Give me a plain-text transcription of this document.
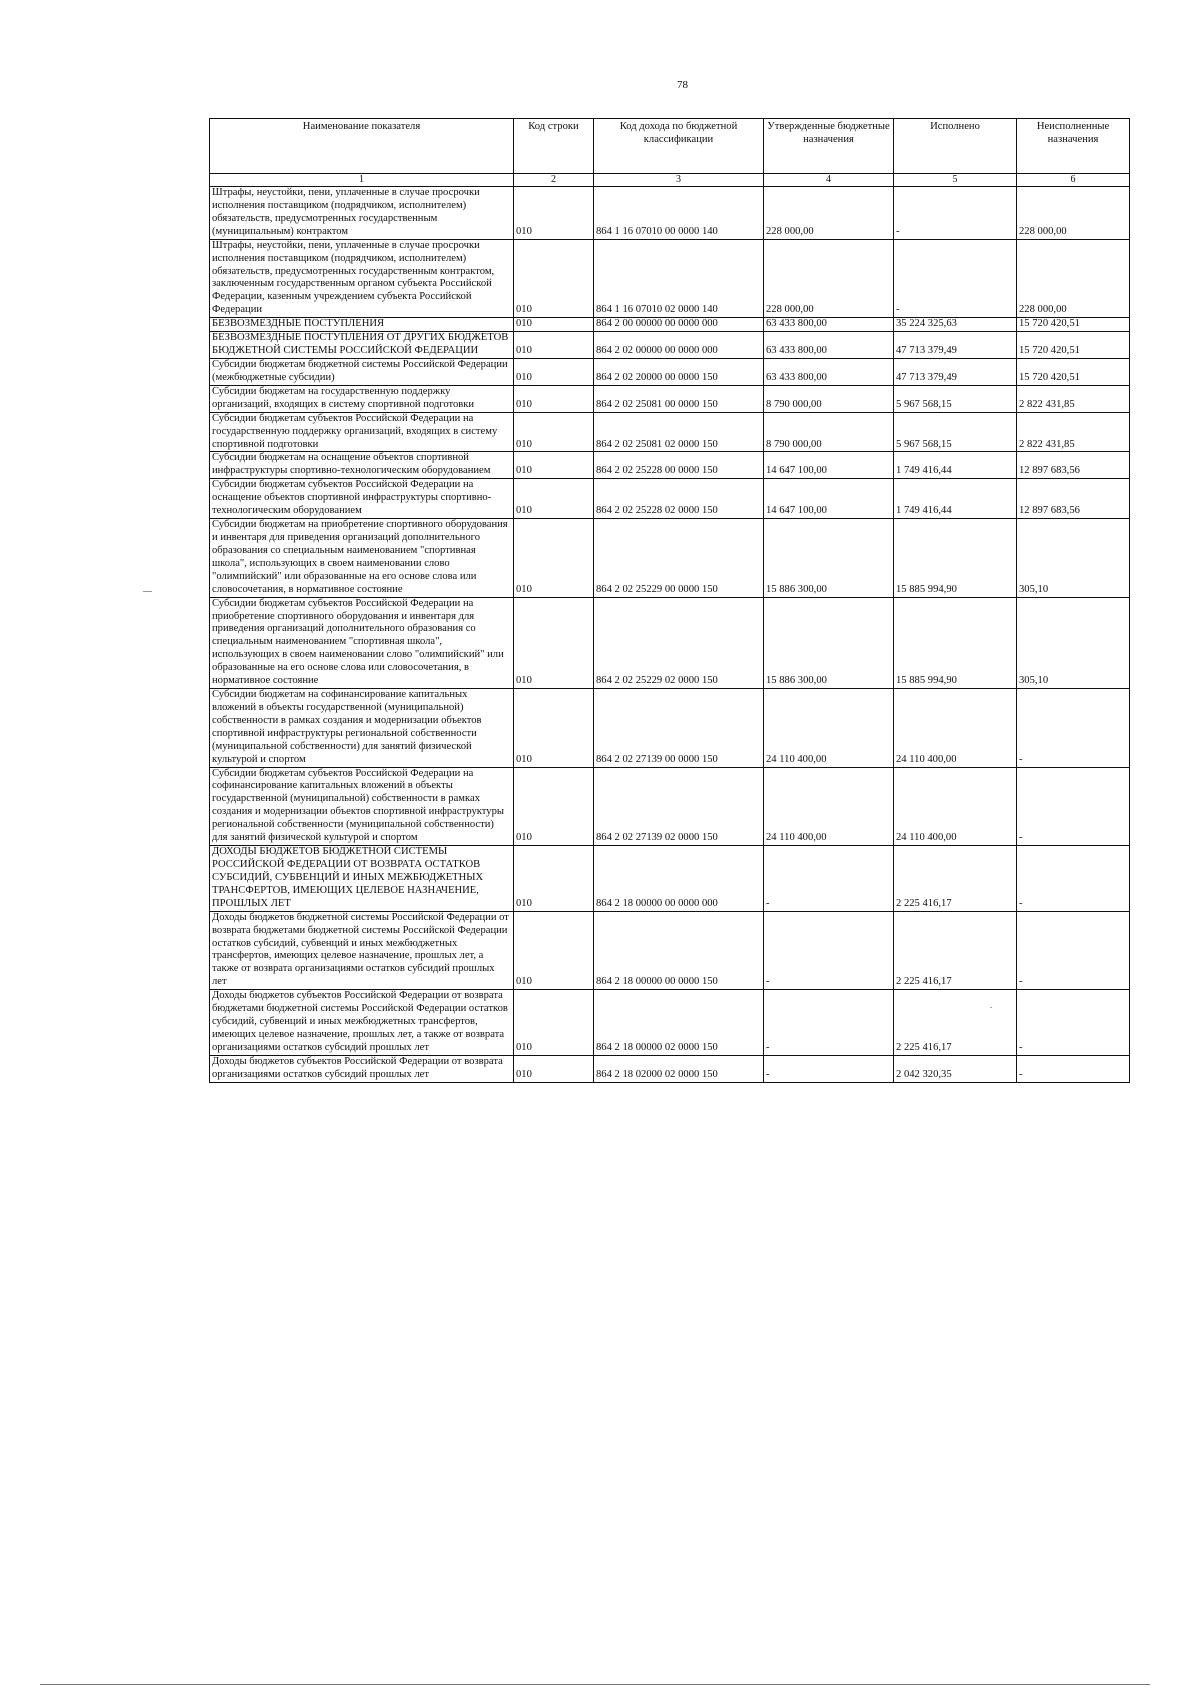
78
Наименование показателя	Код строки	Код дохода по бюджетной классификации	Утвержденные бюджетные назначения	Исполнено	Неисполненные назначения
1	2	3	4	5	6
Штрафы, неустойки, пени, уплаченные в случае просрочки исполнения поставщиком (подрядчиком, исполнителем) обязательств, предусмотренных государственным (муниципальным) контрактом	010	864 1 16 07010 00 0000 140	228 000,00	-	228 000,00
Штрафы, неустойки, пени, уплаченные в случае просрочки исполнения поставщиком (подрядчиком, исполнителем) обязательств, предусмотренных государственным контрактом, заключенным государственным органом субъекта Российской Федерации, казенным учреждением субъекта Российской Федерации	010	864 1 16 07010 02 0000 140	228 000,00	-	228 000,00
БЕЗВОЗМЕЗДНЫЕ ПОСТУПЛЕНИЯ	010	864 2 00 00000 00 0000 000	63 433 800,00	35 224 325,63	15 720 420,51
БЕЗВОЗМЕЗДНЫЕ ПОСТУПЛЕНИЯ ОТ ДРУГИХ БЮДЖЕТОВ БЮДЖЕТНОЙ СИСТЕМЫ РОССИЙСКОЙ ФЕДЕРАЦИИ	010	864 2 02 00000 00 0000 000	63 433 800,00	47 713 379,49	15 720 420,51
Субсидии бюджетам бюджетной системы Российской Федерации (межбюджетные субсидии)	010	864 2 02 20000 00 0000 150	63 433 800,00	47 713 379,49	15 720 420,51
Субсидии бюджетам на государственную поддержку организаций, входящих в систему спортивной подготовки	010	864 2 02 25081 00 0000 150	8 790 000,00	5 967 568,15	2 822 431,85
Субсидии бюджетам субъектов Российской Федерации на государственную поддержку организаций, входящих в систему спортивной подготовки	010	864 2 02 25081 02 0000 150	8 790 000,00	5 967 568,15	2 822 431,85
Субсидии бюджетам на оснащение объектов спортивной инфраструктуры спортивно-технологическим оборудованием	010	864 2 02 25228 00 0000 150	14 647 100,00	1 749 416,44	12 897 683,56
Субсидии бюджетам субъектов Российской Федерации на оснащение объектов спортивной инфраструктуры спортивно-технологическим оборудованием	010	864 2 02 25228 02 0000 150	14 647 100,00	1 749 416,44	12 897 683,56
Субсидии бюджетам на приобретение спортивного оборудования и инвентаря для приведения организаций дополнительного образования со специальным наименованием "спортивная школа", использующих в своем наименовании слово "олимпийский" или образованные на его основе слова или словосочетания, в нормативное состояние	010	864 2 02 25229 00 0000 150	15 886 300,00	15 885 994,90	305,10
Субсидии бюджетам субъектов Российской Федерации на приобретение спортивного оборудования и инвентаря для приведения организаций дополнительного образования со специальным наименованием "спортивная школа", использующих в своем наименовании слово "олимпийский" или образованные на его основе слова или словосочетания, в нормативное состояние	010	864 2 02 25229 02 0000 150	15 886 300,00	15 885 994,90	305,10
Субсидии бюджетам на софинансирование капитальных вложений в объекты государственной (муниципальной) собственности в рамках создания и модернизации объектов спортивной инфраструктуры региональной собственности (муниципальной собственности) для занятий физической культурой и спортом	010	864 2 02 27139 00 0000 150	24 110 400,00	24 110 400,00	-
Субсидии бюджетам субъектов Российской Федерации на софинансирование капитальных вложений в объекты государственной (муниципальной) собственности в рамках создания и модернизации объектов спортивной инфраструктуры региональной собственности (муниципальной собственности) для занятий физической культурой и спортом	010	864 2 02 27139 02 0000 150	24 110 400,00	24 110 400,00	-
ДОХОДЫ БЮДЖЕТОВ БЮДЖЕТНОЙ СИСТЕМЫ РОССИЙСКОЙ ФЕДЕРАЦИИ ОТ ВОЗВРАТА ОСТАТКОВ СУБСИДИЙ, СУБВЕНЦИЙ И ИНЫХ МЕЖБЮДЖЕТНЫХ ТРАНСФЕРТОВ, ИМЕЮЩИХ ЦЕЛЕВОЕ НАЗНАЧЕНИЕ, ПРОШЛЫХ ЛЕТ	010	864 2 18 00000 00 0000 000	-	2 225 416,17	-
Доходы бюджетов бюджетной системы Российской Федерации от возврата бюджетами бюджетной системы Российской Федерации остатков субсидий, субвенций и иных межбюджетных трансфертов, имеющих целевое назначение, прошлых лет, а также от возврата организациями остатков субсидий прошлых лет	010	864 2 18 00000 00 0000 150	-	2 225 416,17	-
Доходы бюджетов субъектов Российской Федерации от возврата бюджетами бюджетной системы Российской Федерации остатков субсидий, субвенций и иных межбюджетных трансфертов, имеющих целевое назначение, прошлых лет, а также от возврата организациями остатков субсидий прошлых лет	010	864 2 18 00000 02 0000 150	-	2 225 416,17	-
Доходы бюджетов субъектов Российской Федерации от возврата организациями остатков субсидий прошлых лет	010	864 2 18 02000 02 0000 150	-	2 042 320,35	-
